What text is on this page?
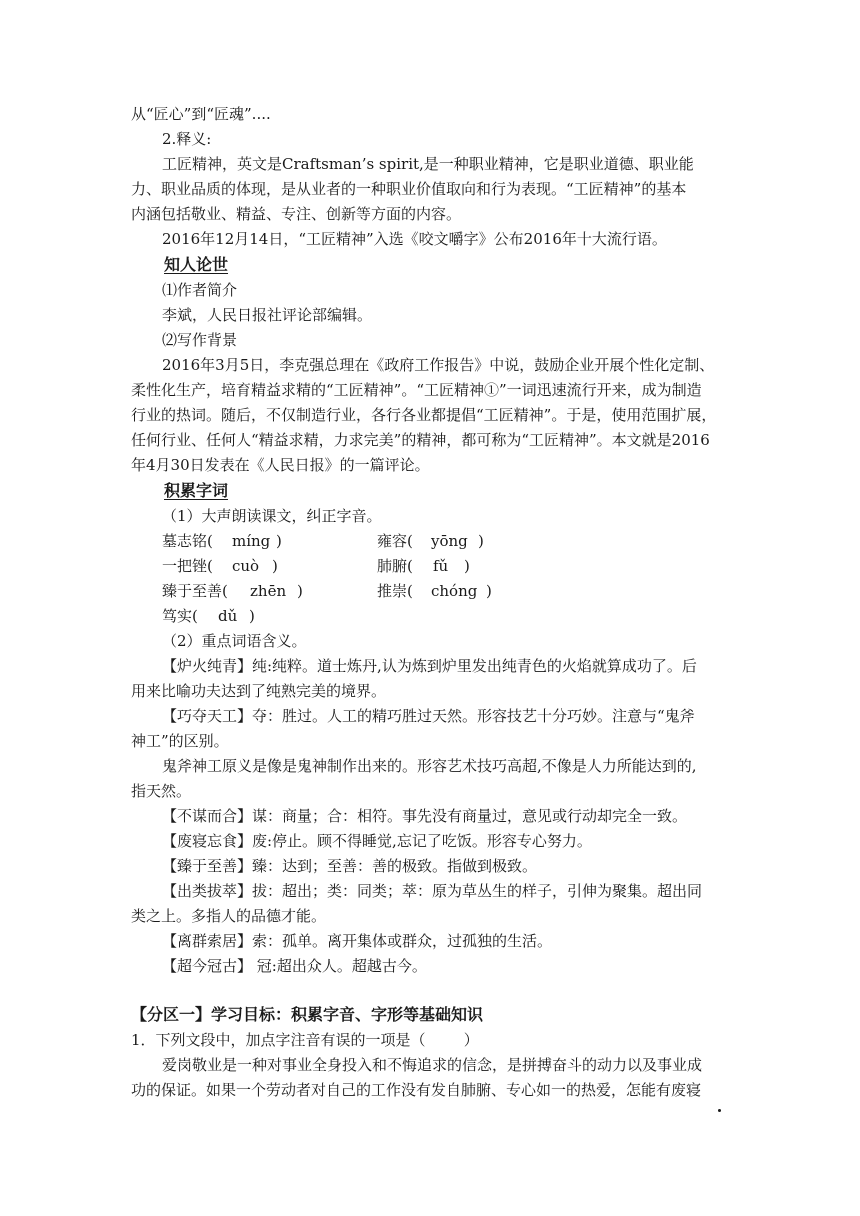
从“匠心”到“匠魂”....
2.释义:
工匠精神，英文是Craftsman’s spirit,是一种职业精神，它是职业道德、职业能
力、职业品质的体现，是从业者的一种职业价值取向和行为表现。“工匠精神”的基本
内涵包括敬业、精益、专注、创新等方面的内容。
2016年12月14日，“工匠精神”入选《咬文嚼字》公布2016年十大流行语。
知人论世
⑴作者简介
李斌，人民日报社评论部编辑。
⑵写作背景
2016年3月5日，李克强总理在《政府工作报告》中说，鼓励企业开展个性化定制、
柔性化生产，培育精益求精的“工匠精神”。“工匠精神①”一词迅速流行开来，成为制造
行业的热词。随后，不仅制造行业，各行各业都提倡“工匠精神”。于是，使用范围扩展，
任何行业、任何人“精益求精，力求完美”的精神，都可称为“工匠精神”。本文就是2016
年4月30日发表在《人民日报》的一篇评论。
积累字词
（1）大声朗读课文，纠正字音。
墓志铭( míng )	雍容( yōng )
一把锉( cuò )	肺腑( fǔ )
臻于至善( zhēn )	推崇( chóng )
笃实( dǔ )
（2）重点词语含义。
【炉火纯青】纯:纯粹。道士炼丹,认为炼到炉里发出纯青色的火焰就算成功了。后
用来比喻功夫达到了纯熟完美的境界。
【巧夺天工】夺：胜过。人工的精巧胜过天然。形容技艺十分巧妙。注意与“鬼斧
神工”的区别。
鬼斧神工原义是像是鬼神制作出来的。形容艺术技巧高超,不像是人力所能达到的,
指天然。
【不谋而合】谋：商量；合：相符。事先没有商量过，意见或行动却完全一致。
【废寝忘食】废:停止。顾不得睡觉,忘记了吃饭。形容专心努力。
【臻于至善】臻：达到；至善：善的极致。指做到极致。
【出类拔萃】拔：超出；类：同类；萃：原为草丛生的样子，引伸为聚集。超出同
类之上。多指人的品德才能。
【离群索居】索：孤单。离开集体或群众，过孤独的生活。
【超今冠古】 冠:超出众人。超越古今。
【分区一】学习目标：积累字音、字形等基础知识
1．下列文段中，加点字注音有误的一项是（        ）
爱岗敬业是一种对事业全身投入和不悔追求的信念，是拼搏奋斗的动力以及事业成
功的保证。如果一个劳动者对自己的工作没有发自肺腑、专心如一的热爱，怎能有废寝
